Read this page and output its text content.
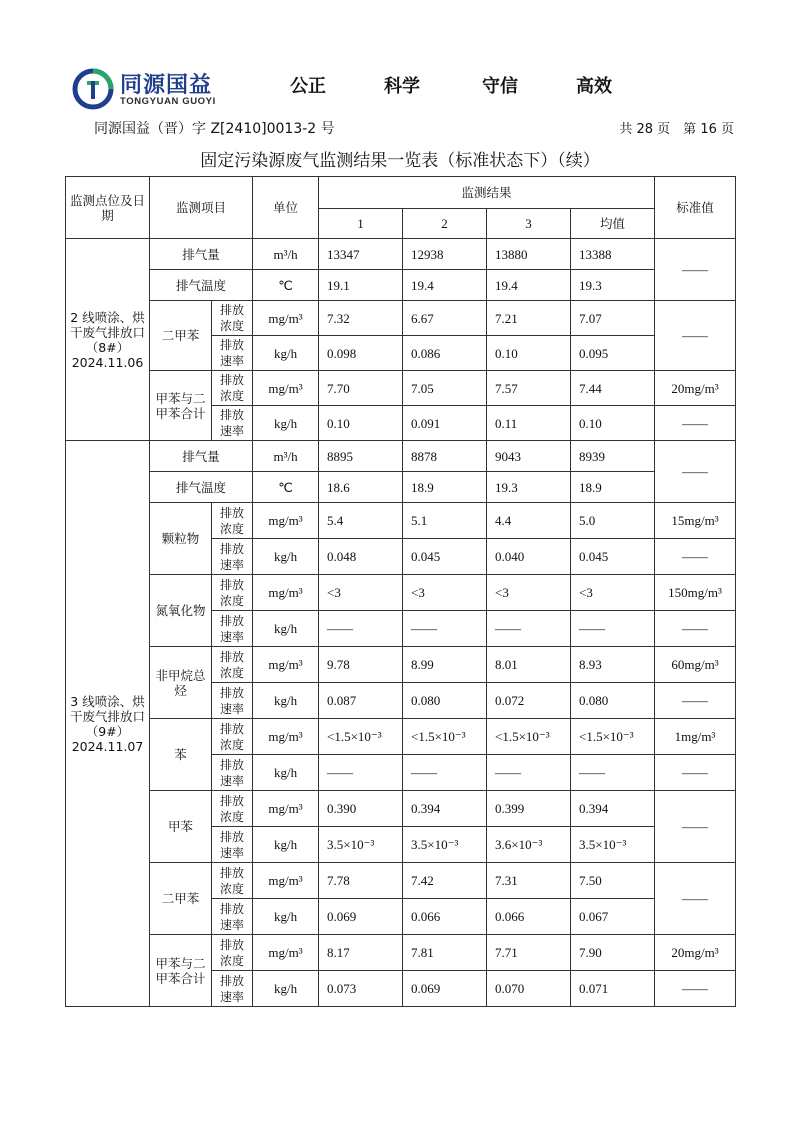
同源国益
TONGYUAN GUOYI
公正	科学	守信	高效
同源国益（晋）字 Z[2410]0013-2 号	共 28 页　第 16 页
固定污染源废气监测结果一览表（标准状态下）（续）
监测点位及日期	监测项目		单位	监测结果				标准值
				1	2	3	均值	
2 线喷涂、烘干废气排放口（8#）2024.11.06	排气量		m³/h	13347	12938	13880	13388	——
	排气温度		℃	19.1	19.4	19.4	19.3	
	二甲苯	排放浓度	mg/m³	7.32	6.67	7.21	7.07	——
		排放速率	kg/h	0.098	0.086	0.10	0.095	
	甲苯与二甲苯合计	排放浓度	mg/m³	7.70	7.05	7.57	7.44	20mg/m³
		排放速率	kg/h	0.10	0.091	0.11	0.10	——
3 线喷涂、烘干废气排放口（9#）2024.11.07	排气量		m³/h	8895	8878	9043	8939	——
	排气温度		℃	18.6	18.9	19.3	18.9	
	颗粒物	排放浓度	mg/m³	5.4	5.1	4.4	5.0	15mg/m³
		排放速率	kg/h	0.048	0.045	0.040	0.045	——
	氮氧化物	排放浓度	mg/m³	<3	<3	<3	<3	150mg/m³
		排放速率	kg/h	——	——	——	——	——
	非甲烷总烃	排放浓度	mg/m³	9.78	8.99	8.01	8.93	60mg/m³
		排放速率	kg/h	0.087	0.080	0.072	0.080	——
	苯	排放浓度	mg/m³	<1.5×10⁻³	<1.5×10⁻³	<1.5×10⁻³	<1.5×10⁻³	1mg/m³
		排放速率	kg/h	——	——	——	——	——
	甲苯	排放浓度	mg/m³	0.390	0.394	0.399	0.394	——
		排放速率	kg/h	3.5×10⁻³	3.5×10⁻³	3.6×10⁻³	3.5×10⁻³	
	二甲苯	排放浓度	mg/m³	7.78	7.42	7.31	7.50	——
		排放速率	kg/h	0.069	0.066	0.066	0.067	
	甲苯与二甲苯合计	排放浓度	mg/m³	8.17	7.81	7.71	7.90	20mg/m³
		排放速率	kg/h	0.073	0.069	0.070	0.071	——
